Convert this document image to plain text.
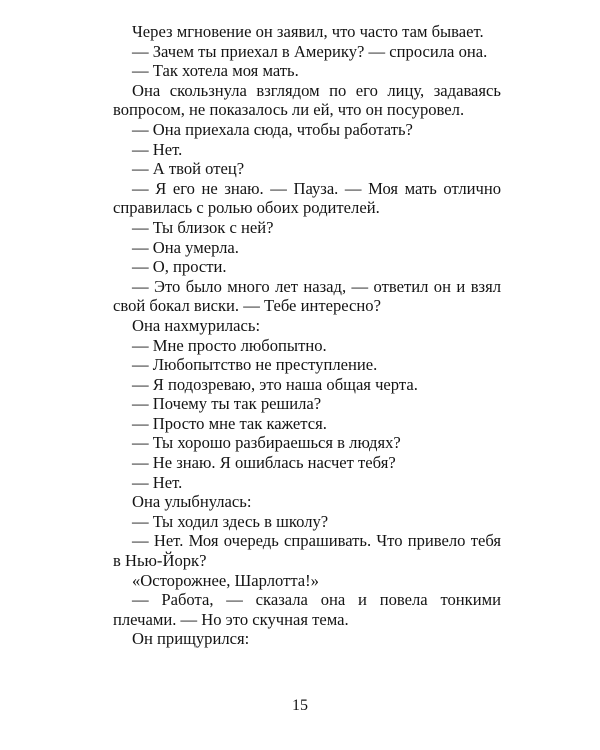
Через мгновение он заявил, что часто там бывает.

— Зачем ты приехал в Америку? — спросила она.

— Так хотела моя мать.

Она скользнула взглядом по его лицу, задаваясь вопросом, не показалось ли ей, что он посуровел.

— Она приехала сюда, чтобы работать?

— Нет.

— А твой отец?

— Я его не знаю. — Пауза. — Моя мать отлично справилась с ролью обоих родителей.

— Ты близок с ней?

— Она умерла.

— О, прости.

— Это было много лет назад, — ответил он и взял свой бокал виски. — Тебе интересно?

Она нахмурилась:

— Мне просто любопытно.

— Любопытство не преступление.

— Я подозреваю, это наша общая черта.

— Почему ты так решила?

— Просто мне так кажется.

— Ты хорошо разбираешься в людях?

— Не знаю. Я ошиблась насчет тебя?

— Нет.

Она улыбнулась:

— Ты ходил здесь в школу?

— Нет. Моя очередь спрашивать. Что привело тебя в Нью-Йорк?

«Осторожнее, Шарлотта!»

— Работа, — сказала она и повела тонкими плечами. — Но это скучная тема.

Он прищурился:

15
